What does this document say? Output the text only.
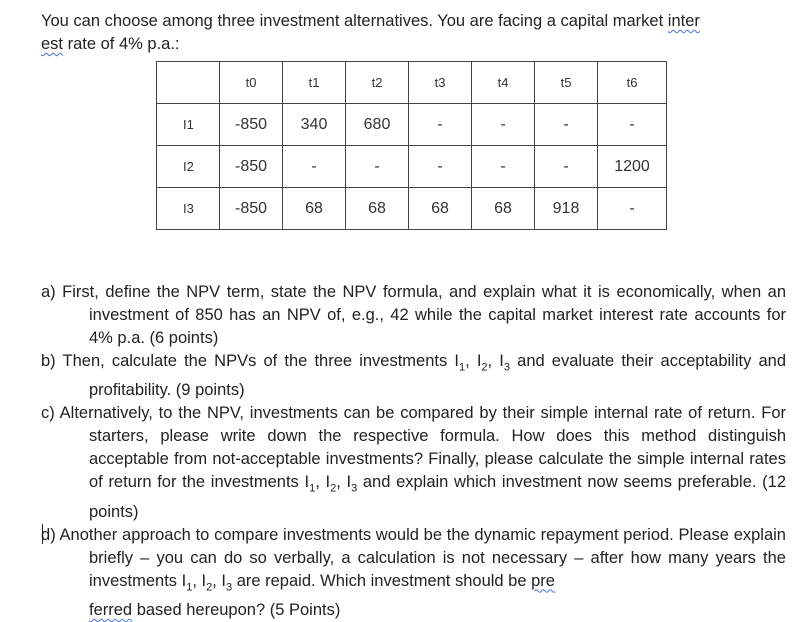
You can choose among three investment alternatives. You are facing a capital market inter
est rate of 4% p.a.:

	t0	t1	t2	t3	t4	t5	t6
I1	-850	340	680	-	-	-	-
I2	-850	-	-	-	-	-	1200
I3	-850	68	68	68	68	918	-

a) First, define the NPV term, state the NPV formula, and explain what it is economically, when an investment of 850 has an NPV of, e.g., 42 while the capital market interest rate accounts for 4% p.a. (6 points)

b) Then, calculate the NPVs of the three investments $I_1$, $I_2$, $I_3$ and evaluate their acceptability and profitability. (9 points)

c) Alternatively, to the NPV, investments can be compared by their simple internal rate of return. For starters, please write down the respective formula. How does this method distinguish acceptable from not-acceptable investments? Finally, please calculate the simple internal rates of return for the investments $I_1$, $I_2$, $I_3$ and explain which investment now seems preferable. (12 points)

d) Another approach to compare investments would be the dynamic repayment period. Please explain briefly – you can do so verbally, a calculation is not necessary – after how many years the investments $I_1$, $I_2$, $I_3$ are repaid. Which investment should be pre
ferred based hereupon? (5 Points)
